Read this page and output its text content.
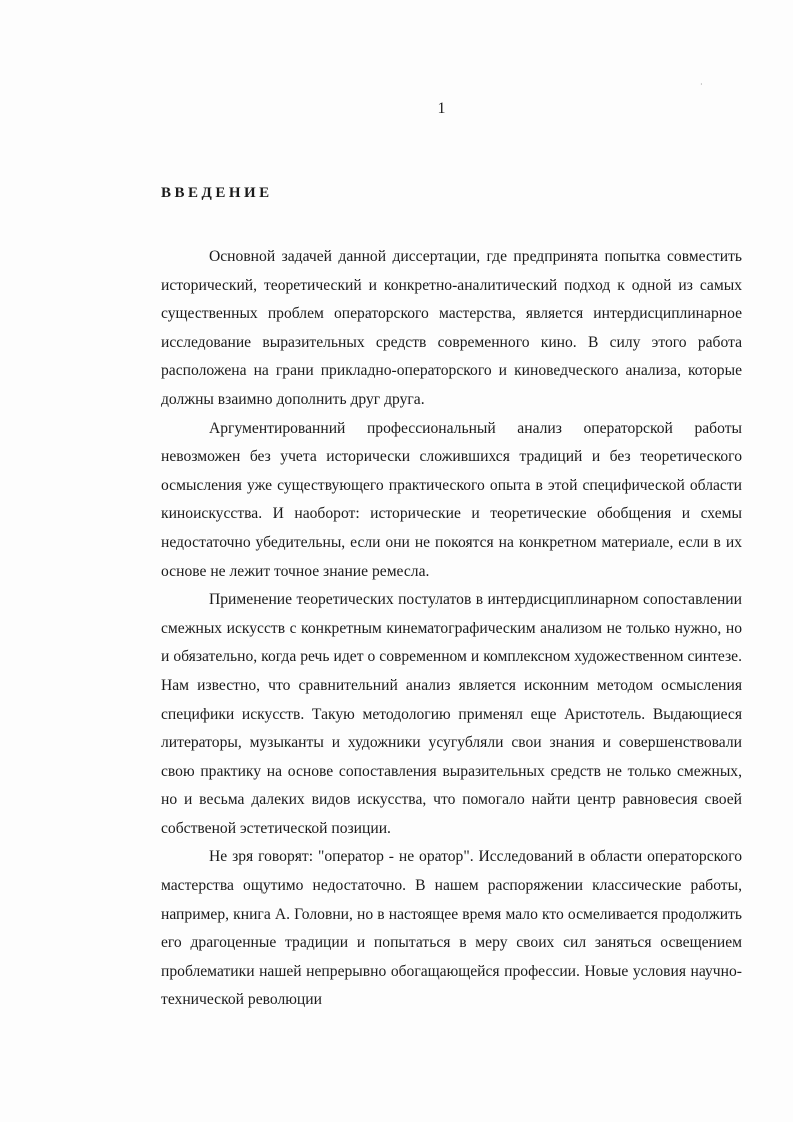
·
1
ВВЕДЕНИЕ

Основной задачей данной диссертации, где предпринята попытка совместить исторический, теоретический и конкретно-аналитический подход к одной из самых существенных проблем операторского мастерства, является интердисциплинарное исследование выразительных средств современного кино. В силу этого работа расположена на грани прикладно-операторского и киноведческого анализа, которые должны взаимно дополнить друг друга.

Аргументированний профессиональный анализ операторской работы невозможен без учета исторически сложившихся традиций и без теоретического осмысления уже существующего практического опыта в этой специфической области киноискусства. И наоборот: исторические и теоретические обобщения и схемы недостаточно убедительны, если они не покоятся на конкретном материале, если в их основе не лежит точное знание ремесла.

Применение теоретических постулатов в интердисциплинарном сопоставлении смежных искусств с конкретным кинематографическим анализом не только нужно, но и обязательно, когда речь идет о современном и комплексном художественном синтезе. Нам известно, что сравнительний анализ является исконним методом осмысления специфики искусств. Такую методологию применял еще Аристотель. Выдающиеся литераторы, музыканты и художники усугубляли свои знания и совершенствовали свою практику на основе сопоставления выразительных средств не только смежных, но и весьма далеких видов искусства, что помогало найти центр равновесия своей собственой эстетической позиции.

Не зря говорят: "оператор - не оратор". Исследований в области операторского мастерства ощутимо недостаточно. В нашем распоряжении классические работы, например, книга А. Головни, но в настоящее время мало кто осмеливается продолжить его драгоценные традиции и попытаться в меру своих сил заняться освещением проблематики нашей непрерывно обогащающейся профессии. Новые условия научно-технической революции
